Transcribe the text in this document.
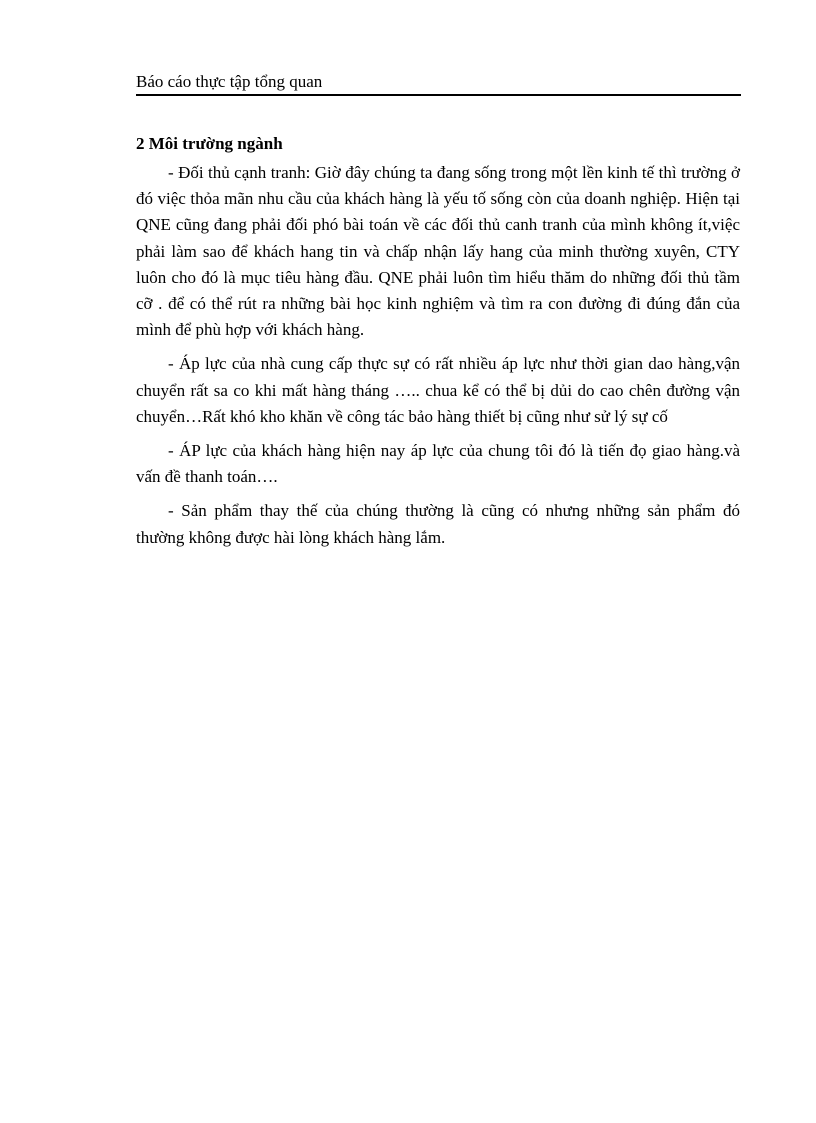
Báo cáo thực tập tổng quan
2 Môi trường ngành

- Đối thủ cạnh tranh: Giờ đây chúng ta đang sống trong một lền kinh tế thì trường ở đó việc thỏa mãn nhu cầu của khách hàng là yếu tố sống còn của doanh nghiệp. Hiện tại QNE cũng đang phải đối phó bài toán về các đối thủ canh tranh của mình không ít,việc phải làm sao để khách hang tin và chấp nhận lấy hang của minh thường xuyên, CTY luôn cho đó là mục tiêu hàng đầu. QNE phải luôn tìm hiểu thăm do những đối thủ tầm cỡ . để có thể rút ra những bài học kinh nghiệm và tìm ra con đường đi đúng đắn của mình để phù hợp với khách hàng.

- Áp lực của nhà cung cấp thực sự có rất nhiều áp lực như thời gian dao hàng,vận chuyển rất sa co khi mất hàng tháng ….. chua kể có thể bị dủi do cao chên đường vận chuyển…Rất khó kho khăn về công tác bảo hàng thiết bị cũng như sử lý sự cố

- ÁP lực của khách hàng hiện nay áp lực của chung tôi đó là tiến đọ giao hàng.và vấn đề thanh toán….

- Sản phẩm thay thế của chúng thường là cũng có nhưng những sản phẩm đó thường không được hài lòng khách hàng lắm.
